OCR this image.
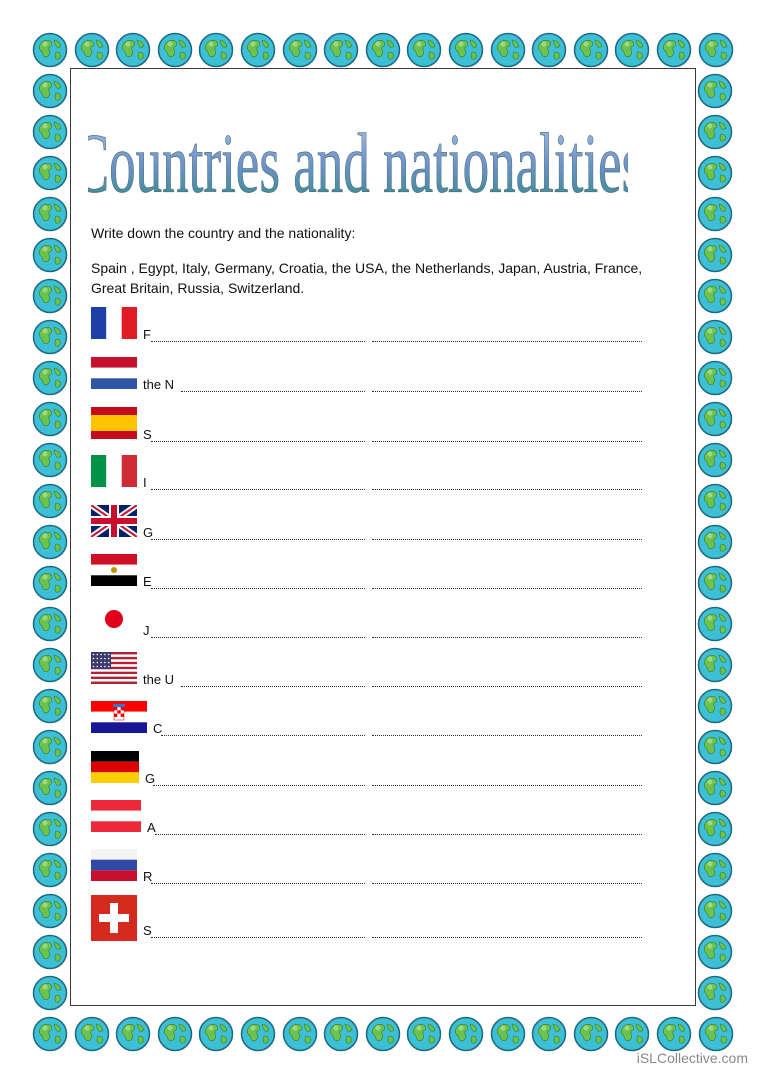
Countries and nationalities
Write down the country and the nationality:
Spain , Egypt, Italy, Germany, Croatia, the USA, the Netherlands, Japan, Austria, France, Great Britain, Russia, Switzerland.
F
the N
S
I
G
E
J
the U
C
G
A
R
S
iSLCollective.com
